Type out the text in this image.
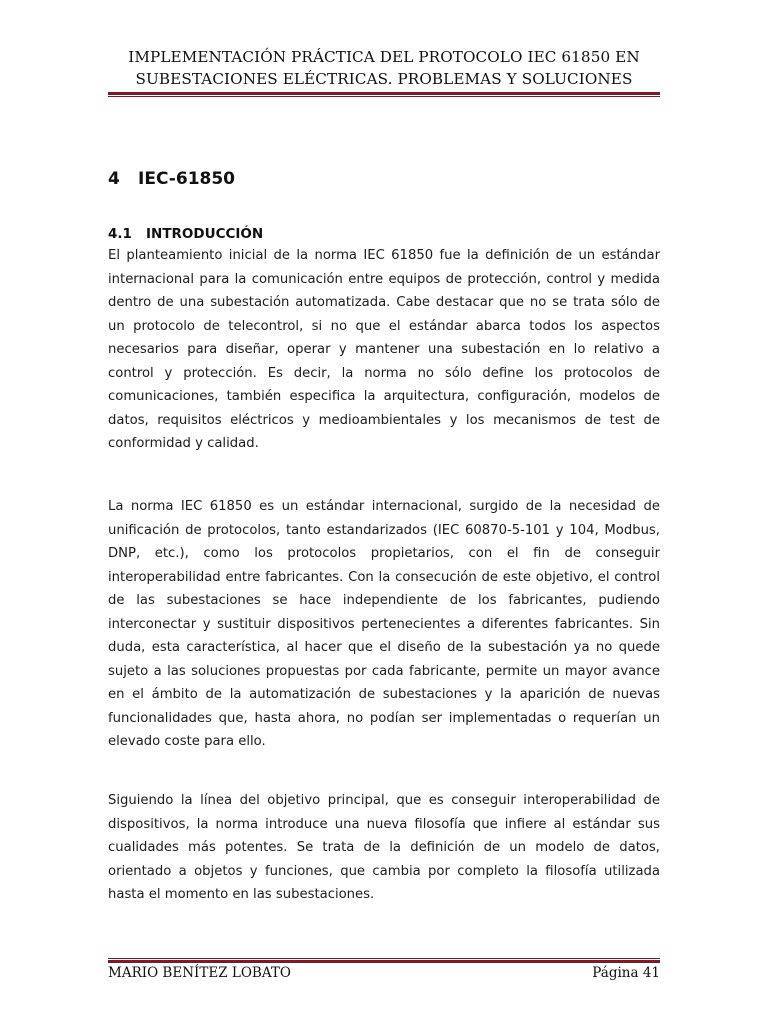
IMPLEMENTACIÓN PRÁCTICA DEL PROTOCOLO IEC 61850 EN
SUBESTACIONES ELÉCTRICAS. PROBLEMAS Y SOLUCIONES
4 IEC-61850
4.1 INTRODUCCIÓN

El planteamiento inicial de la norma IEC 61850 fue la definición de un estándar internacional para la comunicación entre equipos de protección, control y medida dentro de una subestación automatizada. Cabe destacar que no se trata sólo de un protocolo de telecontrol, si no que el estándar abarca todos los aspectos necesarios para diseñar, operar y mantener una subestación en lo relativo a control y protección. Es decir, la norma no sólo define los protocolos de comunicaciones, también especifica la arquitectura, configuración, modelos de datos, requisitos eléctricos y medioambientales y los mecanismos de test de conformidad y calidad.

La norma IEC 61850 es un estándar internacional, surgido de la necesidad de unificación de protocolos, tanto estandarizados (IEC 60870-5-101 y 104, Modbus, DNP, etc.), como los protocolos propietarios, con el fin de conseguir interoperabilidad entre fabricantes. Con la consecución de este objetivo, el control de las subestaciones se hace independiente de los fabricantes, pudiendo interconectar y sustituir dispositivos pertenecientes a diferentes fabricantes. Sin duda, esta característica, al hacer que el diseño de la subestación ya no quede sujeto a las soluciones propuestas por cada fabricante, permite un mayor avance en el ámbito de la automatización de subestaciones y la aparición de nuevas funcionalidades que, hasta ahora, no podían ser implementadas o requerían un elevado coste para ello.

Siguiendo la línea del objetivo principal, que es conseguir interoperabilidad de dispositivos, la norma introduce una nueva filosofía que infiere al estándar sus cualidades más potentes. Se trata de la definición de un modelo de datos, orientado a objetos y funciones, que cambia por completo la filosofía utilizada hasta el momento en las subestaciones.

MARIO BENÍTEZ LOBATO	Página 41
